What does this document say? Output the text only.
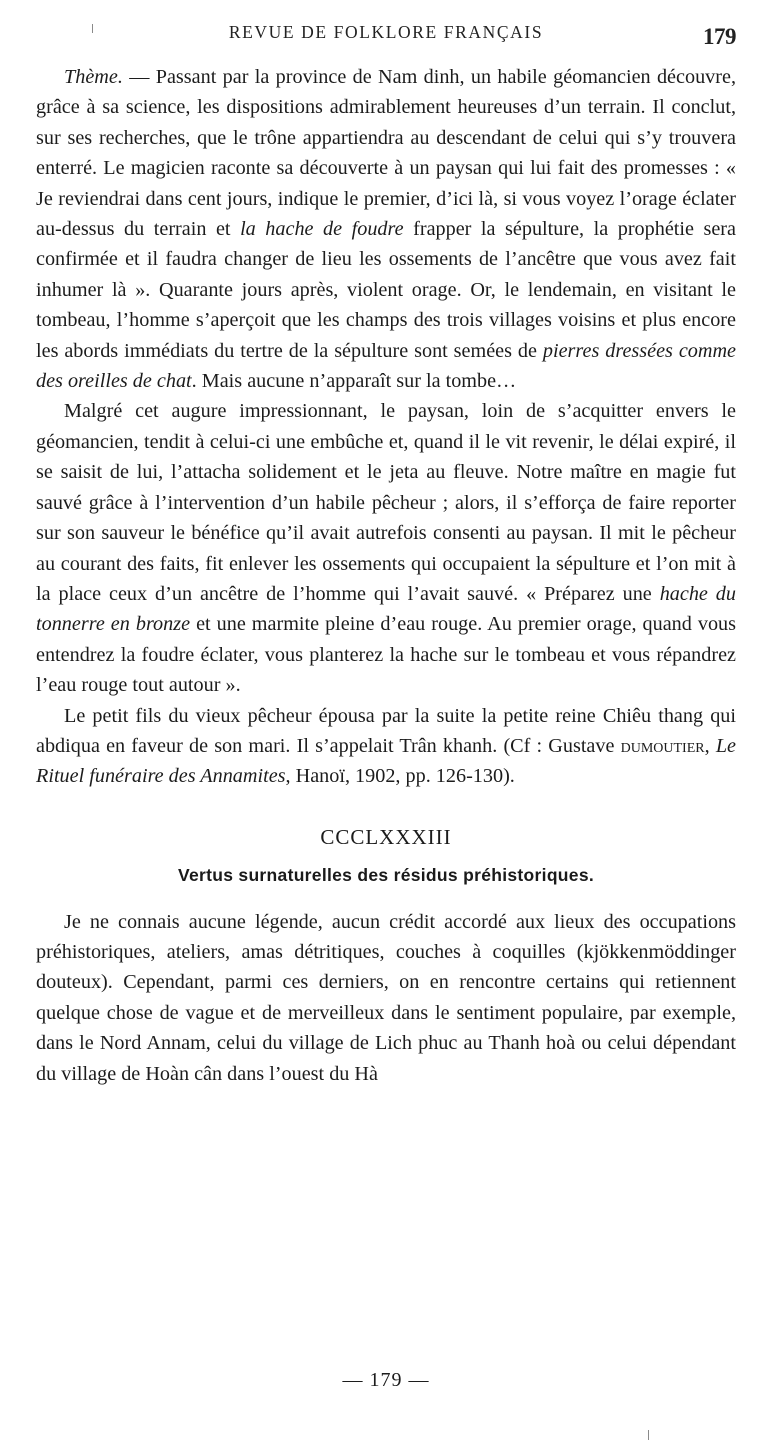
REVUE DE FOLKLORE FRANÇAIS	179

Thème. — Passant par la province de Nam dinh, un habile géomancien découvre, grâce à sa science, les dispositions admirablement heureuses d’un terrain. Il conclut, sur ses recherches, que le trône appartiendra au descendant de celui qui s’y trouvera enterré. Le magicien raconte sa découverte à un paysan qui lui fait des promesses : « Je reviendrai dans cent jours, indique le premier, d’ici là, si vous voyez l’orage éclater au-dessus du terrain et la hache de foudre frapper la sépulture, la prophétie sera confirmée et il faudra changer de lieu les ossements de l’ancêtre que vous avez fait inhumer là ». Quarante jours après, violent orage. Or, le lendemain, en visitant le tombeau, l’homme s’aperçoit que les champs des trois villages voisins et plus encore les abords immédiats du tertre de la sépulture sont semées de pierres dressées comme des oreilles de chat. Mais aucune n’apparaît sur la tombe…

Malgré cet augure impressionnant, le paysan, loin de s’acquitter envers le géomancien, tendit à celui-ci une embûche et, quand il le vit revenir, le délai expiré, il se saisit de lui, l’attacha solidement et le jeta au fleuve. Notre maître en magie fut sauvé grâce à l’intervention d’un habile pêcheur ; alors, il s’efforça de faire reporter sur son sauveur le bénéfice qu’il avait autrefois consenti au paysan. Il mit le pêcheur au courant des faits, fit enlever les ossements qui occupaient la sépulture et l’on mit à la place ceux d’un ancêtre de l’homme qui l’avait sauvé. « Préparez une hache du tonnerre en bronze et une marmite pleine d’eau rouge. Au premier orage, quand vous entendrez la foudre éclater, vous planterez la hache sur le tombeau et vous répandrez l’eau rouge tout autour ».

Le petit fils du vieux pêcheur épousa par la suite la petite reine Chiêu thang qui abdiqua en faveur de son mari. Il s’appelait Trân khanh. (Cf : Gustave dumoutier, Le Rituel funéraire des Annamites, Hanoï, 1902, pp. 126-130).

CCCLXXXIII
Vertus surnaturelles des résidus préhistoriques.

Je ne connais aucune légende, aucun crédit accordé aux lieux des occupations préhistoriques, ateliers, amas détritiques, couches à coquilles (kjökkenmöddinger douteux). Cependant, parmi ces derniers, on en rencontre certains qui retiennent quelque chose de vague et de merveilleux dans le sentiment populaire, par exemple, dans le Nord Annam, celui du village de Lich phuc au Thanh hoà ou celui dépendant du village de Hoàn cân dans l’ouest du Hà

— 179 —
